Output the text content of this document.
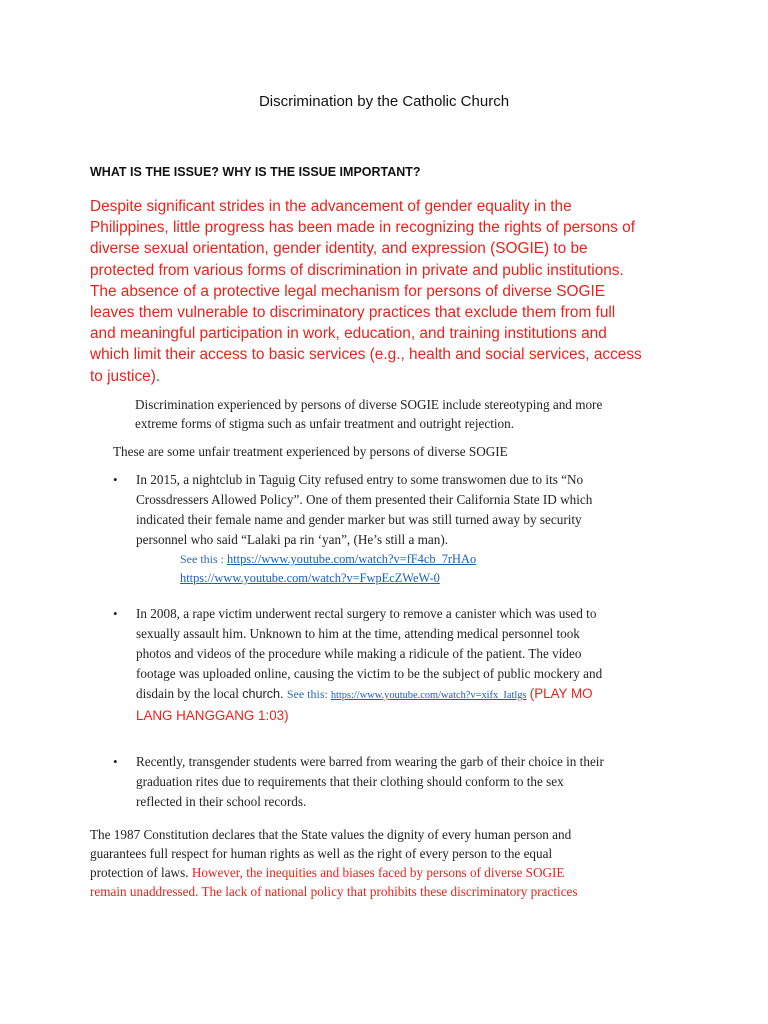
Discrimination by the Catholic Church
WHAT IS THE ISSUE? WHY IS THE ISSUE IMPORTANT?

Despite significant strides in the advancement of gender equality in the
Philippines, little progress has been made in recognizing the rights of persons of
diverse sexual orientation, gender identity, and expression (SOGIE) to be
protected from various forms of discrimination in private and public institutions.
The absence of a protective legal mechanism for persons of diverse SOGIE
leaves them vulnerable to discriminatory practices that exclude them from full
and meaningful participation in work, education, and training institutions and
which limit their access to basic services (e.g., health and social services, access
to justice).

Discrimination experienced by persons of diverse SOGIE include stereotyping and more
extreme forms of stigma such as unfair treatment and outright rejection.

These are some unfair treatment experienced by persons of diverse SOGIE

•	In 2015, a nightclub in Taguig City refused entry to some transwomen due to its “No
Crossdressers Allowed Policy”. One of them presented their California State ID which
indicated their female name and gender marker but was still turned away by security
personnel who said “Lalaki pa rin ‘yan”, (He’s still a man).
See this : https://www.youtube.com/watch?v=fF4cb_7rHAo
https://www.youtube.com/watch?v=FwpEcZWeW-0
•	In 2008, a rape victim underwent rectal surgery to remove a canister which was used to
sexually assault him. Unknown to him at the time, attending medical personnel took
photos and videos of the procedure while making a ridicule of the patient. The video
footage was uploaded online, causing the victim to be the subject of public mockery and
disdain by the local church. See this: https://www.youtube.com/watch?v=xifx_Iatlgs (PLAY MO
LANG HANGGANG 1:03)
•	Recently, transgender students were barred from wearing the garb of their choice in their
graduation rites due to requirements that their clothing should conform to the sex
reflected in their school records.

The 1987 Constitution declares that the State values the dignity of every human person and
guarantees full respect for human rights as well as the right of every person to the equal
protection of laws. However, the inequities and biases faced by persons of diverse SOGIE
remain unaddressed. The lack of national policy that prohibits these discriminatory practices
